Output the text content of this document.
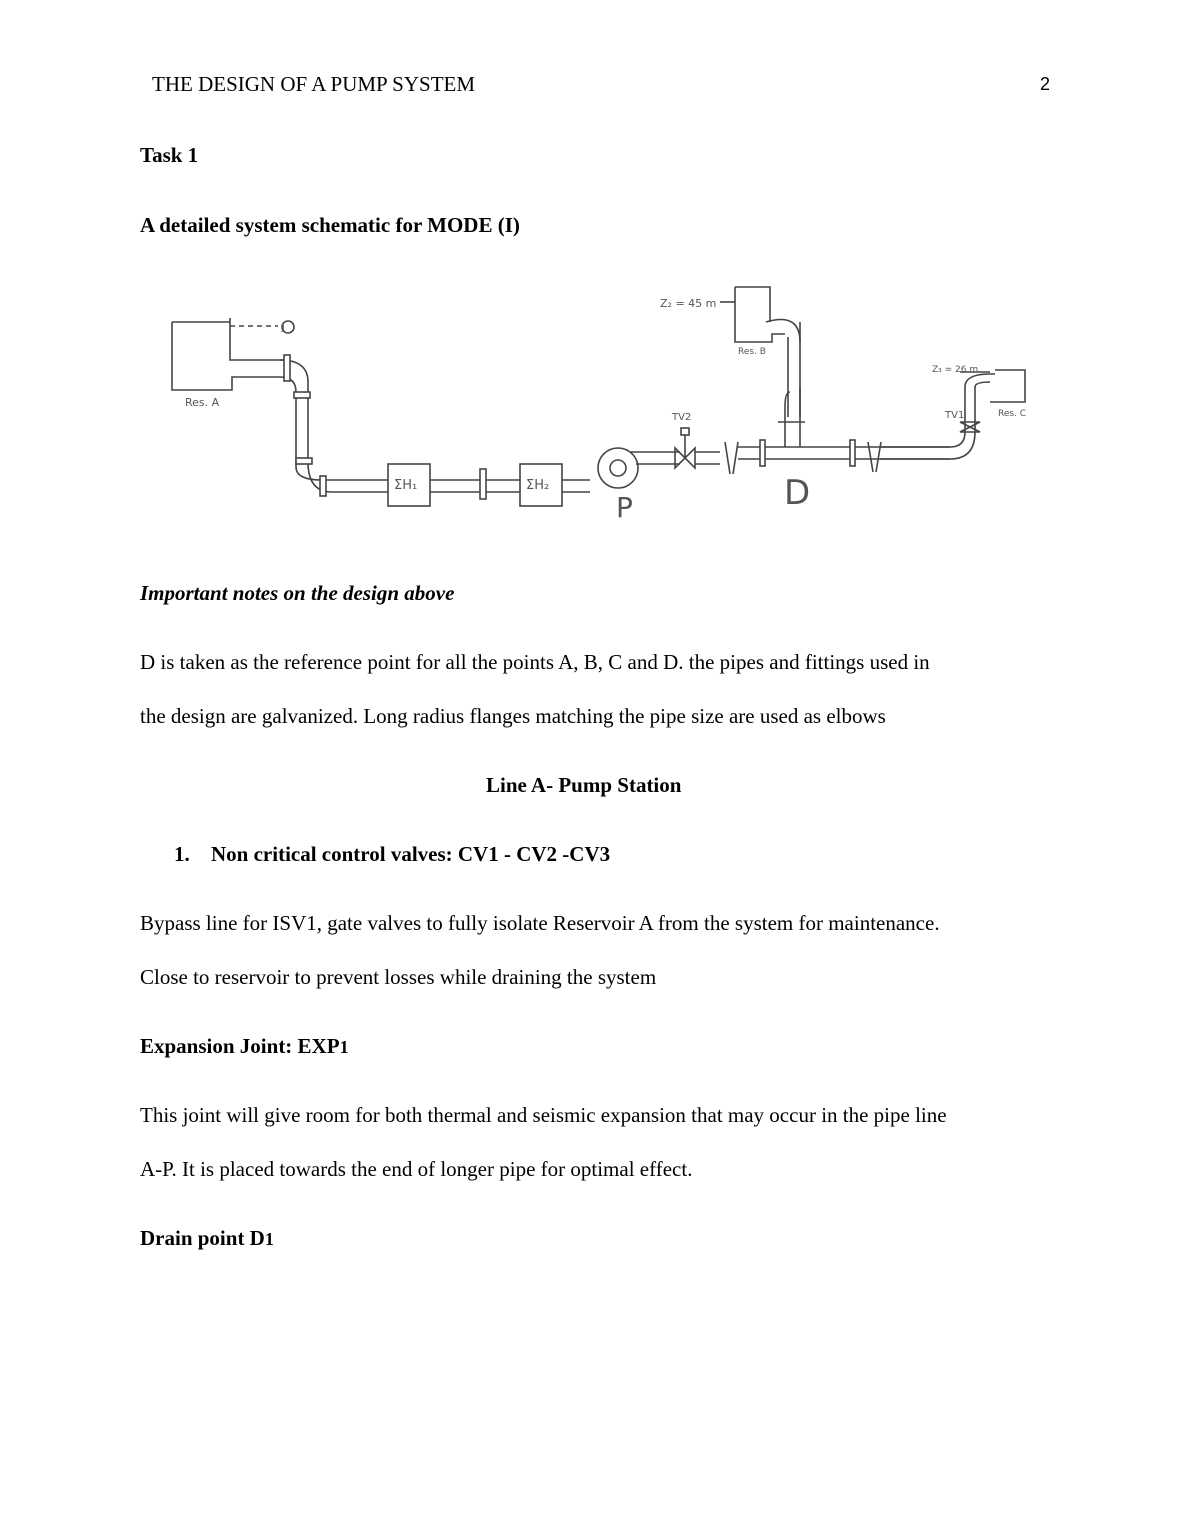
THE DESIGN OF A PUMP SYSTEM	2
Task 1
A detailed system schematic for MODE (I)
1
Res. A
ΣH₁	ΣH₂
P	D
TV2	TV1
Z₂ = 45 m
Res. B
Z₃ = 26 m
Res. C
Important notes on the design above
D is taken as the reference point for all the points A, B, C and D. the pipes and fittings used in
the design are galvanized. Long radius flanges matching the pipe size are used as elbows
Line A- Pump Station
1. Non critical control valves: CV1 - CV2 -CV3
Bypass line for ISV1, gate valves to fully isolate Reservoir A from the system for maintenance.
Close to reservoir to prevent losses while draining the system
Expansion Joint: EXP1
This joint will give room for both thermal and seismic expansion that may occur in the pipe line
A-P. It is placed towards the end of longer pipe for optimal effect.
Drain point D1
